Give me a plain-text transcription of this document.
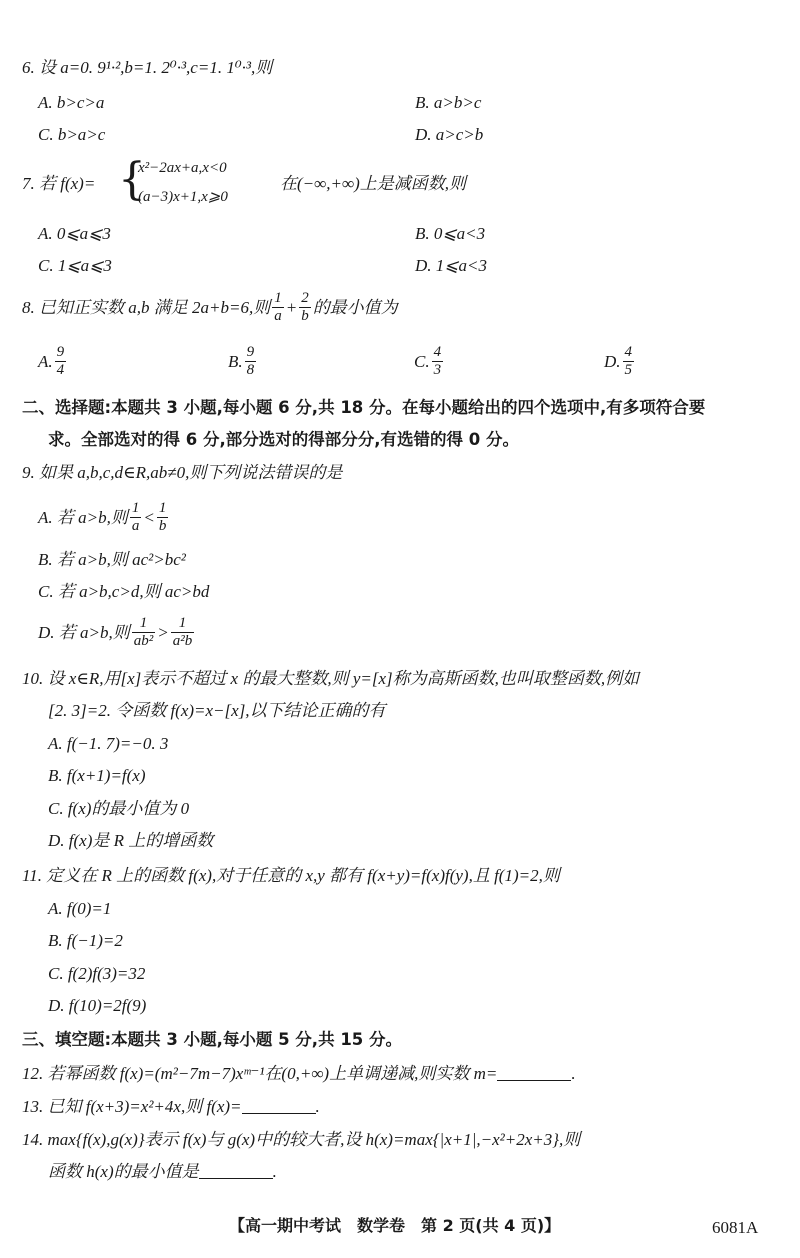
6. 设 a=0. 9¹·²,b=1. 2⁰·³,c=1. 1⁰·³,则
A. b>c>a	B. a>b>c
C. b>a>c	D. a>c>b
7. 若 f(x)= {
x²−2ax+a,x<0
(a−3)x+1,x⩾0
在(−∞,+∞)上是减函数,则
A. 0⩽a⩽3	B. 0⩽a<3
C. 1⩽a⩽3	D. 1⩽a<3
8. 已知正实数 a,b 满足 2a+b=6,则 $\frac{1}{a} + \frac{2}{b}$ 的最小值为
A. $\frac{9}{4}$	B. $\frac{9}{8}$	C. $\frac{4}{3}$	D. $\frac{4}{5}$
二、选择题:本题共 3 小题,每小题 6 分,共 18 分。在每小题给出的四个选项中,有多项符合要
求。全部选对的得 6 分,部分选对的得部分分,有选错的得 0 分。
9. 如果 a,b,c,d∈R,ab≠0,则下列说法错误的是
A. 若 a>b,则 $\frac{1}{a} < \frac{1}{b}$
B. 若 a>b,则 ac²>bc²
C. 若 a>b,c>d,则 ac>bd
D. 若 a>b,则 $\frac{1}{\text{ab²}} > \frac{1}{\text{a²b}}$
10. 设 x∈R,用[x]表示不超过 x 的最大整数,则 y=[x]称为高斯函数,也叫取整函数,例如
[2. 3]=2. 令函数 f(x)=x−[x],以下结论正确的有
A. f(−1. 7)=−0. 3
B. f(x+1)=f(x)
C. f(x)的最小值为 0
D. f(x)是 R 上的增函数
11. 定义在 R 上的函数 f(x),对于任意的 x,y 都有 f(x+y)=f(x)f(y),且 f(1)=2,则
A. f(0)=1
B. f(−1)=2
C. f(2)f(3)=32
D. f(10)=2f(9)
三、填空题:本题共 3 小题,每小题 5 分,共 15 分。
12. 若幂函数 f(x)=(m²−7m−7)xᵐ⁻¹在(0,+∞)上单调递减,则实数 m=	.
13. 已知 f(x+3)=x²+4x,则 f(x)=	.
14. max{f(x),g(x)}表示 f(x)与 g(x)中的较大者,设 h(x)=max{|x+1|,−x²+2x+3},则
函数 h(x)的最小值是	.
【高一期中考试　数学卷　第 2 页(共 4 页)】	6081A
